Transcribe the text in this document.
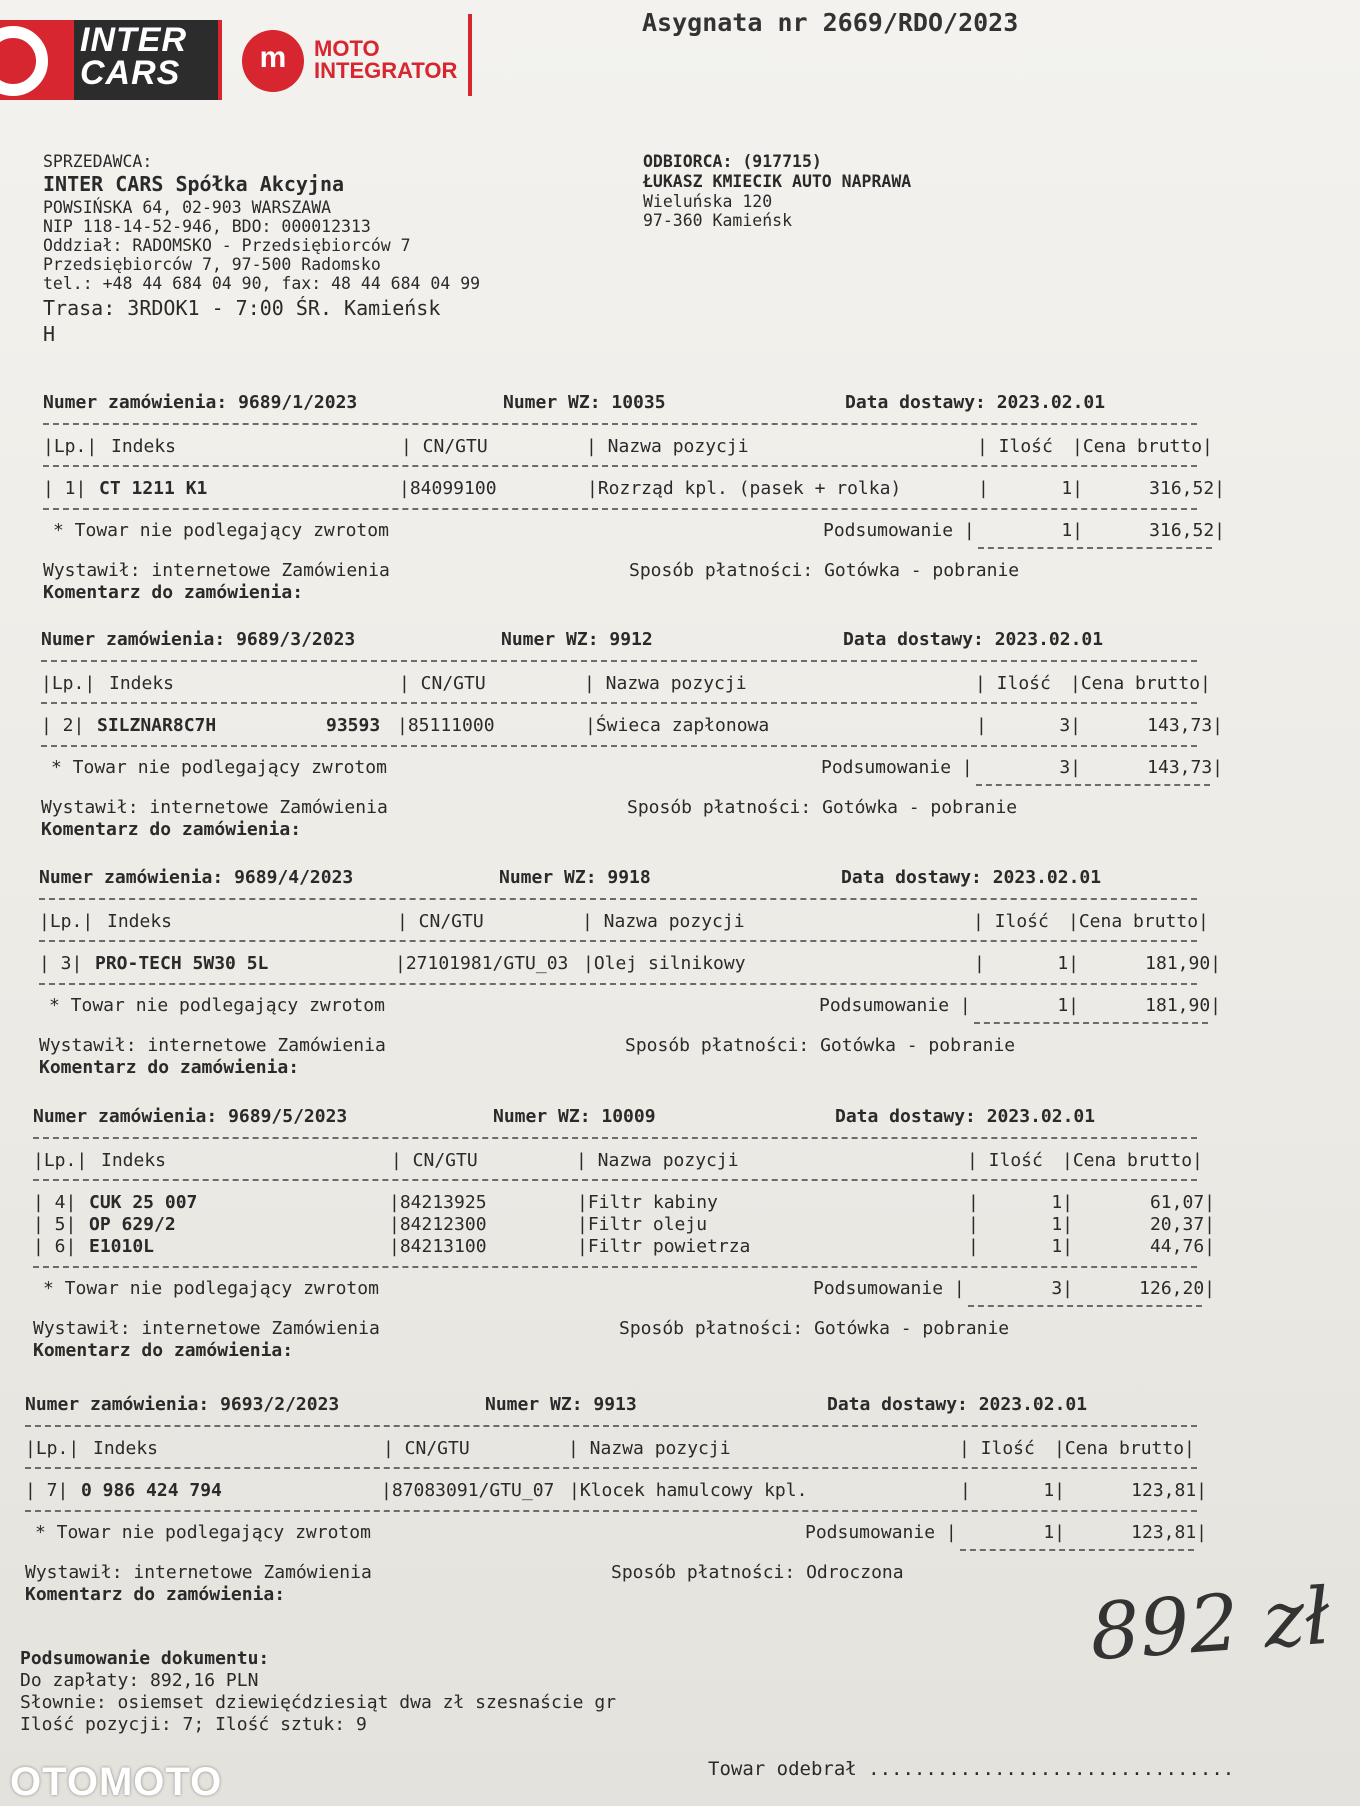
INTER
CARS	m	MOTO
INTEGRATOR
Asygnata nr 2669/RDO/2023
SPRZEDAWCA:
INTER CARS Spółka Akcyjna
POWSIŃSKA 64, 02-903 WARSZAWA
NIP 118-14-52-946, BDO: 000012313
Oddział: RADOMSKO - Przedsiębiorców 7
Przedsiębiorców 7, 97-500 Radomsko
tel.: +48 44 684 04 90, fax: 48 44 684 04 99
Trasa: 3RDOK1 - 7:00 ŚR. Kamieńsk
H
ODBIORCA: (917715)
ŁUKASZ KMIECIK AUTO NAPRAWA
Wieluńska 120
97-360 Kamieńsk
Podsumowanie dokumentu:
Do zapłaty: 892,16 PLN
Słownie: osiemset dziewięćdziesiąt dwa zł szesnaście gr
Ilość pozycji: 7; Ilość sztuk: 9
892 zł
Towar odebrał ................................
OTOMOTO
Numer zamówienia: 9689/1/2023	Numer WZ: 10035	Data dostawy: 2023.02.01
|Lp.| Indeks	| CN/GTU	| Nazwa pozycji	| Ilość |Cena brutto|
| 1| CT 1211 K1	|84099100	|Rozrząd kpl. (pasek + rolka)	|	1|	316,52|
* Towar nie podlegający zwrotom	Podsumowanie |	1|	316,52|
Wystawił: internetowe Zamówienia	Sposób płatności: Gotówka - pobranie
Komentarz do zamówienia:
Numer zamówienia: 9689/3/2023	Numer WZ: 9912	Data dostawy: 2023.02.01
|Lp.| Indeks	| CN/GTU	| Nazwa pozycji	| Ilość |Cena brutto|
| 2| SILZNAR8C7H	93593 |85111000	|Świeca zapłonowa	|	3|	143,73|
* Towar nie podlegający zwrotom	Podsumowanie |	3|	143,73|
Wystawił: internetowe Zamówienia	Sposób płatności: Gotówka - pobranie
Komentarz do zamówienia:
Numer zamówienia: 9689/4/2023	Numer WZ: 9918	Data dostawy: 2023.02.01
|Lp.| Indeks	| CN/GTU	| Nazwa pozycji	| Ilość |Cena brutto|
| 3| PRO-TECH 5W30 5L	|27101981/GTU_03 |Olej silnikowy	|	1|	181,90|
* Towar nie podlegający zwrotom	Podsumowanie |	1|	181,90|
Wystawił: internetowe Zamówienia	Sposób płatności: Gotówka - pobranie
Komentarz do zamówienia:
Numer zamówienia: 9689/5/2023	Numer WZ: 10009	Data dostawy: 2023.02.01
|Lp.| Indeks	| CN/GTU	| Nazwa pozycji	| Ilość |Cena brutto|
| 4| CUK 25 007	|84213925	|Filtr kabiny	|	1|	61,07|
| 5| OP 629/2	|84212300	|Filtr oleju	|	1|	20,37|
| 6| E1010L	|84213100	|Filtr powietrza	|	1|	44,76|
* Towar nie podlegający zwrotom	Podsumowanie |	3|	126,20|
Wystawił: internetowe Zamówienia	Sposób płatności: Gotówka - pobranie
Komentarz do zamówienia:
Numer zamówienia: 9693/2/2023	Numer WZ: 9913	Data dostawy: 2023.02.01
|Lp.| Indeks	| CN/GTU	| Nazwa pozycji	| Ilość |Cena brutto|
| 7| 0 986 424 794	|87083091/GTU_07 |Klocek hamulcowy kpl.	|	1|	123,81|
* Towar nie podlegający zwrotom	Podsumowanie |	1|	123,81|
Wystawił: internetowe Zamówienia	Sposób płatności: Odroczona
Komentarz do zamówienia:
